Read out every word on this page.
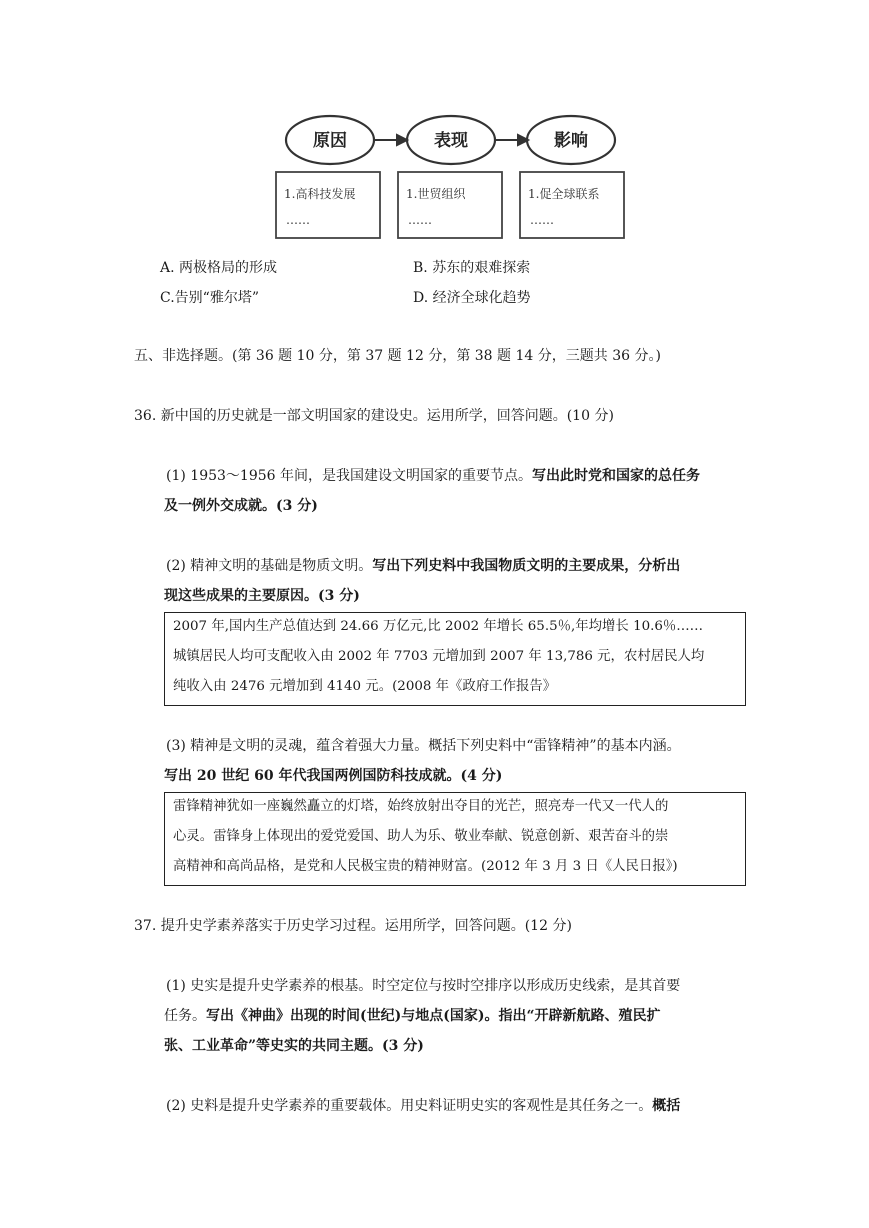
原因	表现	影响
1.高科技发展	1.世贸组织	1.促全球联系
……	……	……
A. 两极格局的形成	B. 苏东的艰难探索
C.告别“雅尔塔”	D. 经济全球化趋势
五、非选择题。(第 36 题 10 分，第 37 题 12 分，第 38 题 14 分，三题共 36 分。)
36. 新中国的历史就是一部文明国家的建设史。运用所学，回答问题。(10 分)
(1) 1953～1956 年间，是我国建设文明国家的重要节点。写出此时党和国家的总任务
及一例外交成就。(3 分)
(2) 精神文明的基础是物质文明。写出下列史料中我国物质文明的主要成果，分析出
现这些成果的主要原因。(3 分)
2007 年,国内生产总值达到 24.66 万亿元,比 2002 年增长 65.5％,年均增长 10.6％……
城镇居民人均可支配收入由 2002 年 7703 元增加到 2007 年 13,786 元，农村居民人均
纯收入由 2476 元增加到 4140 元。(2008 年《政府工作报告》
(3) 精神是文明的灵魂，蕴含着强大力量。概括下列史料中“雷锋精神”的基本内涵。
写出 20 世纪 60 年代我国两例国防科技成就。(4 分)
雷锋精神犹如一座巍然矗立的灯塔，始终放射出夺目的光芒，照亮寿一代又一代人的
心灵。雷锋身上体现出的爱党爱国、助人为乐、敬业奉献、锐意创新、艰苦奋斗的崇
高精神和高尚品格，是党和人民极宝贵的精神财富。(2012 年 3 月 3 日《人民日报》)
37. 提升史学素养落实于历史学习过程。运用所学，回答问题。(12 分)
(1) 史实是提升史学素养的根基。时空定位与按时空排序以形成历史线索，是其首要
任务。写出《神曲》出现的时间(世纪)与地点(国家)。指出“开辟新航路、殖民扩
张、工业革命”等史实的共同主题。(3 分)
(2) 史料是提升史学素养的重要载体。用史料证明史实的客观性是其任务之一。概括
